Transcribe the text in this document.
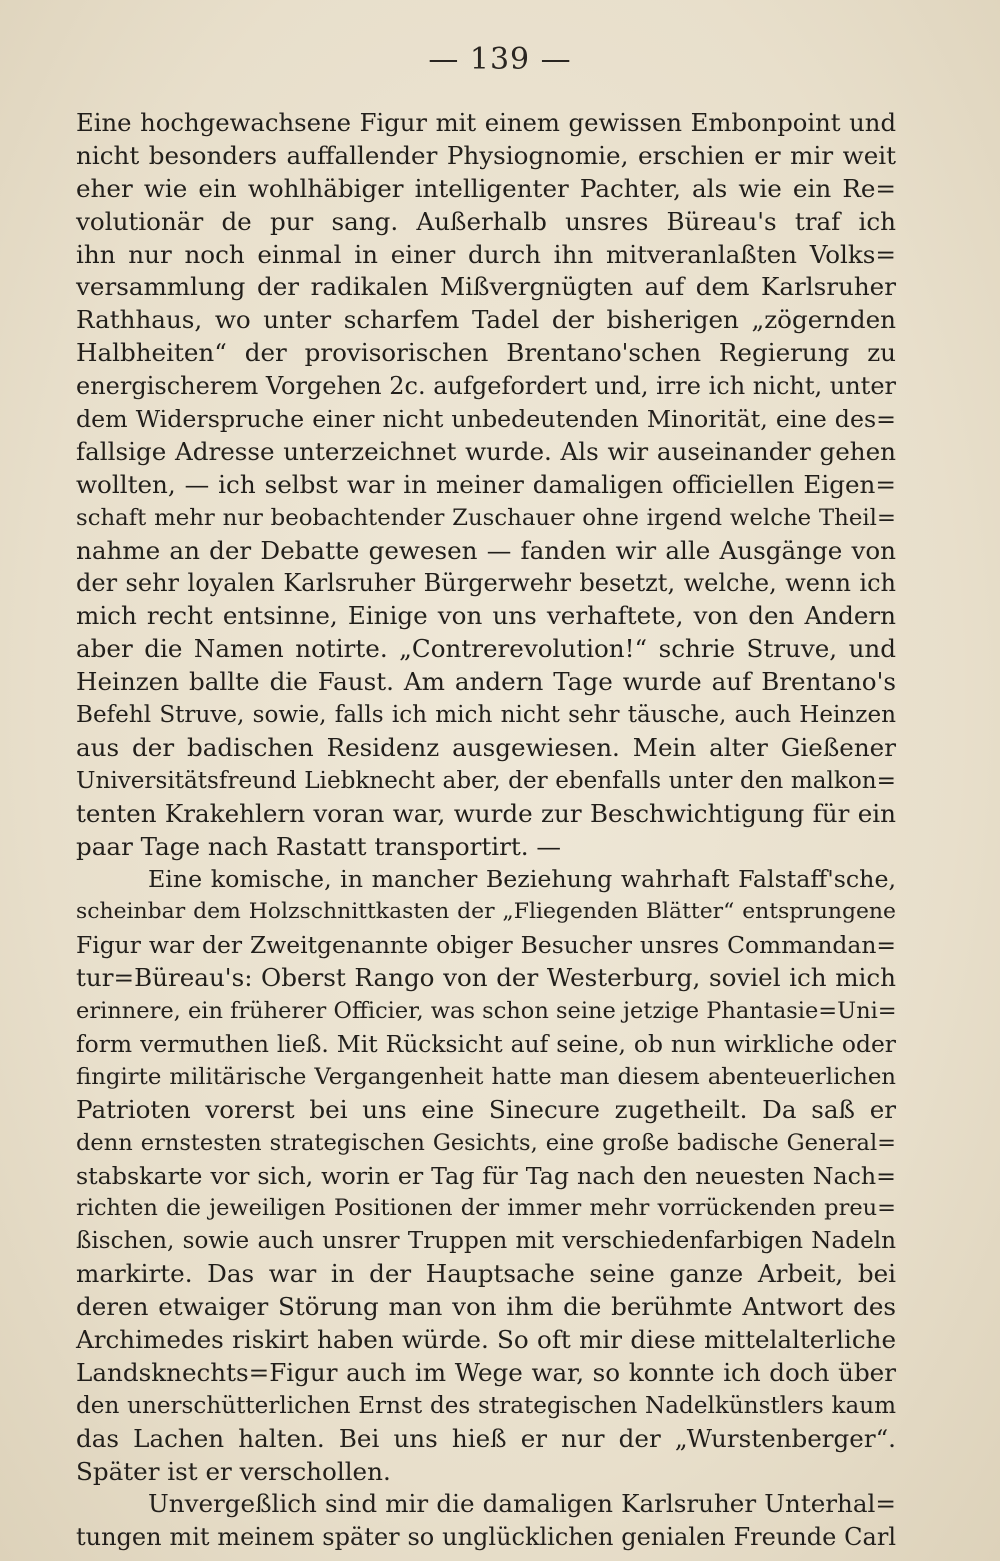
— 139 —
Eine hochgewachsene Figur mit einem gewissen Embonpoint und
nicht besonders auffallender Physiognomie, erschien er mir weit
eher wie ein wohlhäbiger intelligenter Pachter, als wie ein Re=
volutionär de pur sang. Außerhalb unsres Büreau's traf ich
ihn nur noch einmal in einer durch ihn mitveranlaßten Volks=
versammlung der radikalen Mißvergnügten auf dem Karlsruher
Rathhaus, wo unter scharfem Tadel der bisherigen „zögernden
Halbheiten“ der provisorischen Brentano'schen Regierung zu
energischerem Vorgehen 2c. aufgefordert und, irre ich nicht, unter
dem Widerspruche einer nicht unbedeutenden Minorität, eine des=
fallsige Adresse unterzeichnet wurde. Als wir auseinander gehen
wollten, — ich selbst war in meiner damaligen officiellen Eigen=
schaft mehr nur beobachtender Zuschauer ohne irgend welche Theil=
nahme an der Debatte gewesen — fanden wir alle Ausgänge von
der sehr loyalen Karlsruher Bürgerwehr besetzt, welche, wenn ich
mich recht entsinne, Einige von uns verhaftete, von den Andern
aber die Namen notirte. „Contrerevolution!“ schrie Struve, und
Heinzen ballte die Faust. Am andern Tage wurde auf Brentano's
Befehl Struve, sowie, falls ich mich nicht sehr täusche, auch Heinzen
aus der badischen Residenz ausgewiesen. Mein alter Gießener
Universitätsfreund Liebknecht aber, der ebenfalls unter den malkon=
tenten Krakehlern voran war, wurde zur Beschwichtigung für ein
paar Tage nach Rastatt transportirt. —
Eine komische, in mancher Beziehung wahrhaft Falstaff'sche,
scheinbar dem Holzschnittkasten der „Fliegenden Blätter“ entsprungene
Figur war der Zweitgenannte obiger Besucher unsres Commandan=
tur=Büreau's: Oberst Rango von der Westerburg, soviel ich mich
erinnere, ein früherer Officier, was schon seine jetzige Phantasie=Uni=
form vermuthen ließ. Mit Rücksicht auf seine, ob nun wirkliche oder
fingirte militärische Vergangenheit hatte man diesem abenteuerlichen
Patrioten vorerst bei uns eine Sinecure zugetheilt. Da saß er
denn ernstesten strategischen Gesichts, eine große badische General=
stabskarte vor sich, worin er Tag für Tag nach den neuesten Nach=
richten die jeweiligen Positionen der immer mehr vorrückenden preu=
ßischen, sowie auch unsrer Truppen mit verschiedenfarbigen Nadeln
markirte. Das war in der Hauptsache seine ganze Arbeit, bei
deren etwaiger Störung man von ihm die berühmte Antwort des
Archimedes riskirt haben würde. So oft mir diese mittelalterliche
Landsknechts=Figur auch im Wege war, so konnte ich doch über
den unerschütterlichen Ernst des strategischen Nadelkünstlers kaum
das Lachen halten. Bei uns hieß er nur der „Wurstenberger“.
Später ist er verschollen.
Unvergeßlich sind mir die damaligen Karlsruher Unterhal=
tungen mit meinem später so unglücklichen genialen Freunde Carl
